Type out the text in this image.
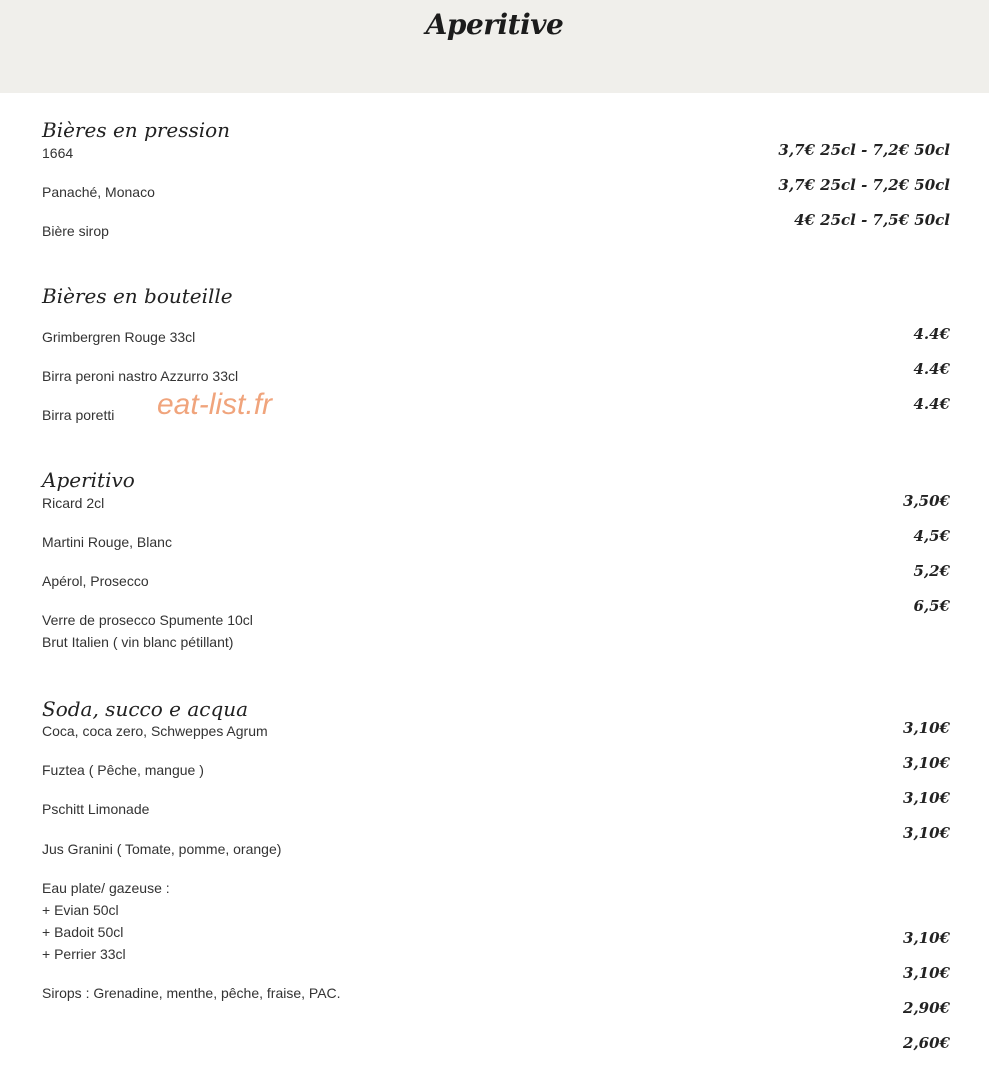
Aperitive
Bières en pression
1664
Panaché, Monaco
Bière sirop
3,7€ 25cl - 7,2€ 50cl
3,7€ 25cl - 7,2€ 50cl
4€ 25cl - 7,5€ 50cl
Bières en bouteille
Grimbergren Rouge 33cl
Birra peroni nastro Azzurro 33cl
Birra poretti
4.4€
4.4€
4.4€
eat-list.fr
Aperitivo
Ricard 2cl
Martini Rouge, Blanc
Apérol, Prosecco
Verre de prosecco Spumente 10cl
Brut Italien ( vin blanc pétillant)
3,50€
4,5€
5,2€
6,5€
Soda, succo e acqua
Coca, coca zero, Schweppes Agrum
Fuztea ( Pêche, mangue )
Pschitt Limonade
Jus Granini ( Tomate, pomme, orange)
Eau plate/ gazeuse :
+ Evian 50cl
+ Badoit 50cl
+ Perrier 33cl
Sirops : Grenadine, menthe, pêche, fraise, PAC.
3,10€
3,10€
3,10€
3,10€
3,10€
3,10€
2,90€
2,60€
